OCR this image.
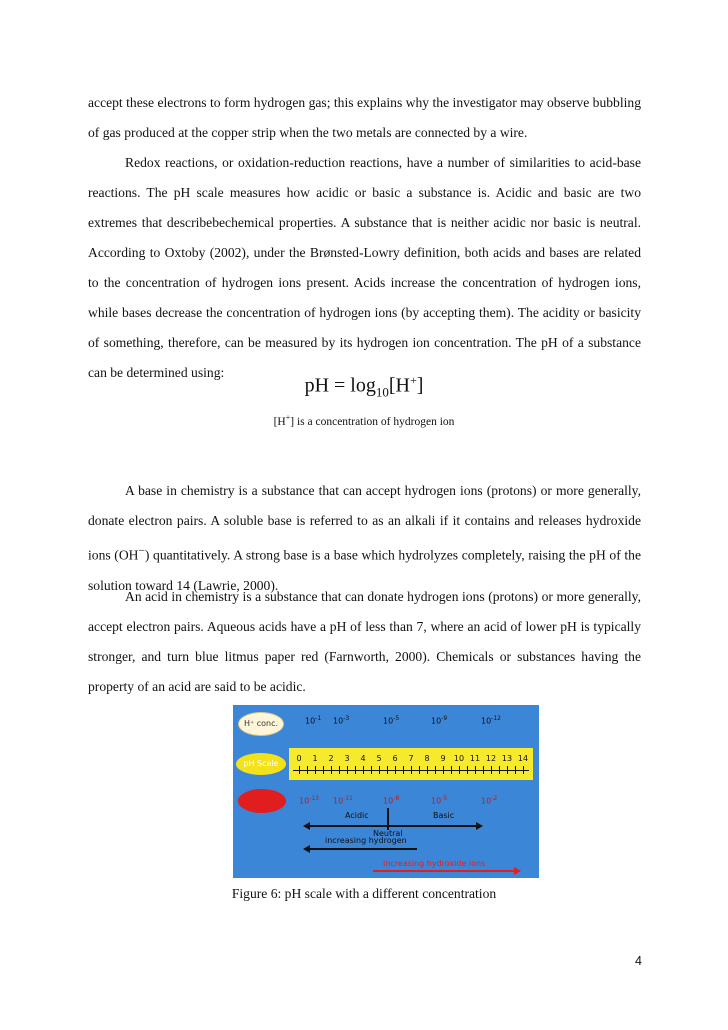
accept these electrons to form hydrogen gas; this explains why the investigator may observe bubbling of gas produced at the copper strip when the two metals are connected by a wire.

Redox reactions, or oxidation-reduction reactions, have a number of similarities to acid-base reactions. The pH scale measures how acidic or basic a substance is. Acidic and basic are two extremes that describebechemical properties. A substance that is neither acidic nor basic is neutral. According to Oxtoby (2002), under the Brønsted-Lowry definition, both acids and bases are related to the concentration of hydrogen ions present. Acids increase the concentration of hydrogen ions, while bases decrease the concentration of hydrogen ions (by accepting them). The acidity or basicity of something, therefore, can be measured by its hydrogen ion concentration. The pH of a substance can be determined using:

pH = $\log_{10}[H^+]$
[H+] is a concentration of hydrogen ion

A base in chemistry is a substance that can accept hydrogen ions (protons) or more generally, donate electron pairs. A soluble base is referred to as an alkali if it contains and releases hydroxide ions (OH−) quantitatively. A strong base is a base which hydrolyzes completely, raising the pH of the solution toward 14 (Lawrie, 2000).

An acid in chemistry is a substance that can donate hydrogen ions (protons) or more generally, accept electron pairs. Aqueous acids have a pH of less than 7, where an acid of lower pH is typically stronger, and turn blue litmus paper red (Farnworth, 2000). Chemicals or substances having the property of an acid are said to be acidic.

H⁺ conc.
pH Scale
OH⁻ conc.
$10^{-1}$ $10^{-3}$	$10^{-5}$	$10^{-9}$	$10^{-12}$
0	1	2	3	4	5	6	7	8	9	10 11 12 13 14
$10^{-13}$ $10^{-11}$	$10^{-8}$	$10^{-5}$	$10^{-2}$
Acidic	Basic
Neutral
increasing hydrogen
increasing hydroxide ions
Figure 6: pH scale with a different concentration
4
